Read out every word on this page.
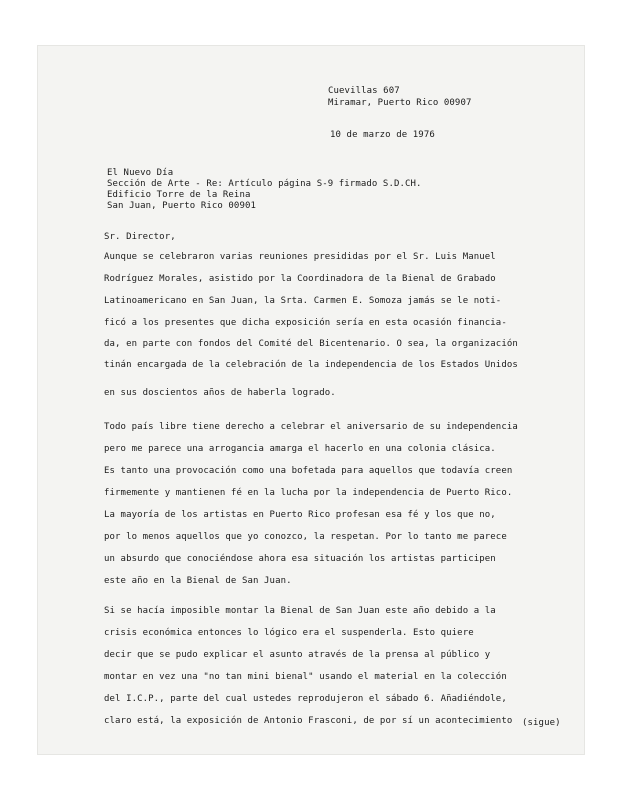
Cuevillas 607
Miramar, Puerto Rico 00907
10 de marzo de 1976
El Nuevo Día
Sección de Arte - Re: Artículo página S-9 firmado S.D.CH.
Edificio Torre de la Reina
San Juan, Puerto Rico 00901
Sr. Director,
Aunque se celebraron varias reuniones presididas por el Sr. Luis Manuel
Rodríguez Morales, asistido por la Coordinadora de la Bienal de Grabado
Latinoamericano en San Juan, la Srta. Carmen E. Somoza jamás se le noti-
ficó a los presentes que dicha exposición sería en esta ocasión financia-
da, en parte con fondos del Comité del Bicentenario. O sea, la organización
tinán encargada de la celebración de la independencia de los Estados Unidos
en sus doscientos años de haberla logrado.
Todo país libre tiene derecho a celebrar el aniversario de su independencia
pero me parece una arrogancia amarga el hacerlo en una colonia clásica.
Es tanto una provocación como una bofetada para aquellos que todavía creen
firmemente y mantienen fé en la lucha por la independencia de Puerto Rico.
La mayoría de los artistas en Puerto Rico profesan esa fé y los que no,
por lo menos aquellos que yo conozco, la respetan. Por lo tanto me parece
un absurdo que conociéndose ahora esa situación los artistas participen
este año en la Bienal de San Juan.
Si se hacía imposible montar la Bienal de San Juan este año debido a la
crisis económica entonces lo lógico era el suspenderla. Esto quiere
decir que se pudo explicar el asunto através de la prensa al público y
montar en vez una "no tan mini bienal" usando el material en la colección
del I.C.P., parte del cual ustedes reprodujeron el sábado 6. Añadiéndole,
claro está, la exposición de Antonio Frasconi, de por sí un acontecimiento (sigue)
